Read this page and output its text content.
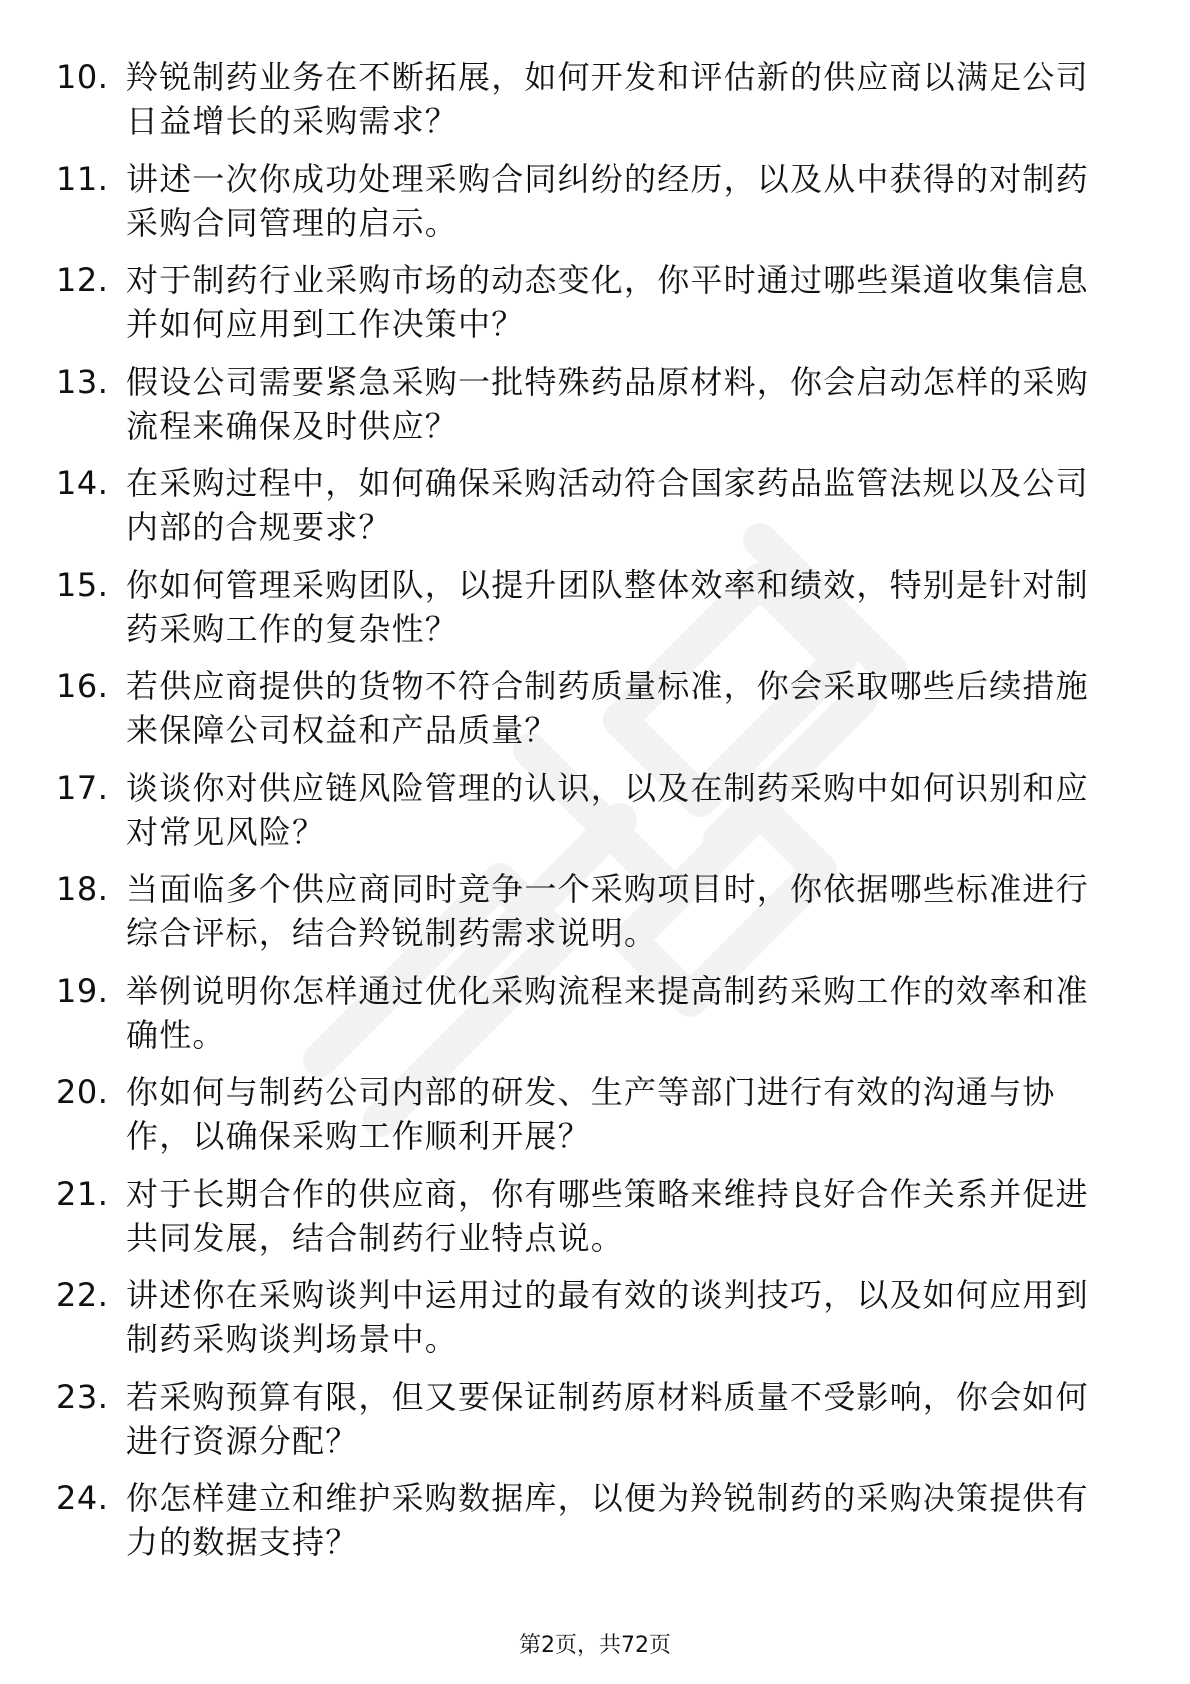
10. 羚锐制药业务在不断拓展，如何开发和评估新的供应商以满足公司日益增长的采购需求？
11. 讲述一次你成功处理采购合同纠纷的经历，以及从中获得的对制药采购合同管理的启示。
12. 对于制药行业采购市场的动态变化，你平时通过哪些渠道收集信息并如何应用到工作决策中？
13. 假设公司需要紧急采购一批特殊药品原材料，你会启动怎样的采购流程来确保及时供应？
14. 在采购过程中，如何确保采购活动符合国家药品监管法规以及公司内部的合规要求？
15. 你如何管理采购团队，以提升团队整体效率和绩效，特别是针对制药采购工作的复杂性？
16. 若供应商提供的货物不符合制药质量标准，你会采取哪些后续措施来保障公司权益和产品质量？
17. 谈谈你对供应链风险管理的认识，以及在制药采购中如何识别和应对常见风险？
18. 当面临多个供应商同时竞争一个采购项目时，你依据哪些标准进行综合评标，结合羚锐制药需求说明。
19. 举例说明你怎样通过优化采购流程来提高制药采购工作的效率和准确性。
20. 你如何与制药公司内部的研发、生产等部门进行有效的沟通与协作，以确保采购工作顺利开展？
21. 对于长期合作的供应商，你有哪些策略来维持良好合作关系并促进共同发展，结合制药行业特点说。
22. 讲述你在采购谈判中运用过的最有效的谈判技巧，以及如何应用到制药采购谈判场景中。
23. 若采购预算有限，但又要保证制药原材料质量不受影响，你会如何进行资源分配？
24. 你怎样建立和维护采购数据库，以便为羚锐制药的采购决策提供有力的数据支持？
第2页，共72页
